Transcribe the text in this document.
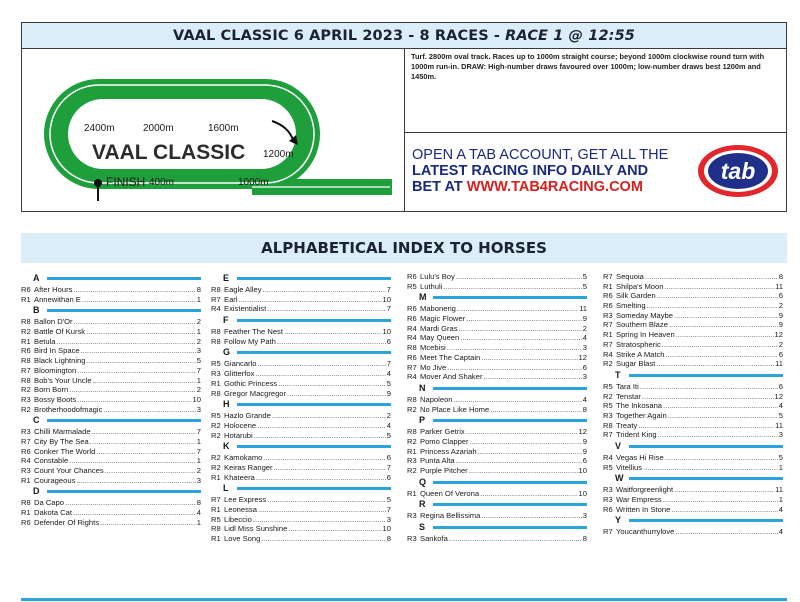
VAAL CLASSIC 6 APRIL 2023 - 8 RACES - RACE 1 @ 12:55
2400m	2000m	1600m
1200m
1000m
400m
FINISH
VAAL CLASSIC
Turf. 2800m oval track. Races up to 1000m straight course; beyond 1000m clockwise round turn with 1000m run-in. DRAW: High-number draws favoured over 1000m; low-number draws best 1200m and 1450m.
OPEN A TAB ACCOUNT, GET ALL THE
LATEST RACING INFO DAILY AND
BET AT WWW.TAB4RACING.COM
tab
ALPHABETICAL INDEX TO HORSES
A
R6 After Hours .....	8
R1 Annewithan E .....	1
B
R8 Ballon D'Or .....	2
R2 Battle Of Kursk .....	1
R1 Betula .....	2
R6 Bird In Space .....	3
R8 Black Lightning .....	5
R7 Bloomington .....	7
R8 Bob's Your Uncle .....	1
R2 Born Born .....	2
R3 Bossy Boots .....	10
R2 Brotherhoodofmagic .....	3
C
R3 Chilli Marmalade .....	7
R7 City By The Sea .....	1
R6 Conker The World .....	7
R4 Constable .....	1
R3 Count Your Chances .....	2
R1 Courageous .....	3
D
R8 Da Capo .....	8
R1 Dakota Cat .....	4
R6 Defender Of Rights .....	1
E
R8 Eagle Alley .....	7
R7 Earl .....	10
R4 Existentialist .....	7
F
R8 Feather The Nest .....	10
R8 Follow My Path .....	6
G
R5 Giancarlo .....	7
R3 Glitterfox .....	4
R1 Gothic Princess .....	5
R8 Gregor Macgregor .....	9
H
R5 Hazlo Grande .....	2
R2 Holocene .....	4
R2 Hotarubi .....	5
K
R2 Kamokamo .....	6
R2 Keiras Ranger .....	7
R1 Khateera .....	6
L
R7 Lee Express .....	5
R1 Leonessa .....	7
R5 Libeccio .....	3
R8 Lidl Miss Sunshine .....	10
R1 Love Song .....	8
R6 Lulu's Boy .....	5
R5 Luthuli .....	5
M
R6 Maboneng .....	11
R6 Magic Flower .....	9
R4 Mardi Gras .....	2
R4 May Queen .....	4
R8 Mcebisi .....	3
R6 Meet The Captain .....	12
R7 Mo Jive .....	6
R4 Mover And Shaker .....	3
N
R8 Napoleon .....	4
R2 No Place Like Home .....	8
P
R8 Parker Getrix .....	12
R2 Pomo Clapper .....	9
R1 Princess Azariah .....	9
R3 Punta Alta .....	6
R2 Purple Pitcher .....	10
Q
R1 Queen Of Verona .....	10
R
R3 Regina Bellissima .....	3
S
R3 Sankofa .....	8
R7 Sequoia .....	8
R1 Shilpa's Moon .....	11
R6 Silk Garden .....	6
R6 Smelting .....	2
R3 Someday Maybe .....	9
R7 Southern Blaze .....	9
R1 Spring In Heaven .....	12
R7 Stratospheric .....	2
R4 Strike A Match .....	6
R2 Sugar Blast .....	11
T
R5 Tara Iti .....	6
R2 Tenstar .....	12
R5 The Inkosana .....	4
R3 Together Again .....	5
R8 Treaty .....	11
R7 Trident King .....	3
V
R4 Vegas Hi Rise .....	5
R5 Vitellius .....	1
W
R3 Waitforgreenlight .....	11
R3 War Empress .....	1
R6 Written In Stone .....	4
Y
R7 Youcanthurrylove .....	4
